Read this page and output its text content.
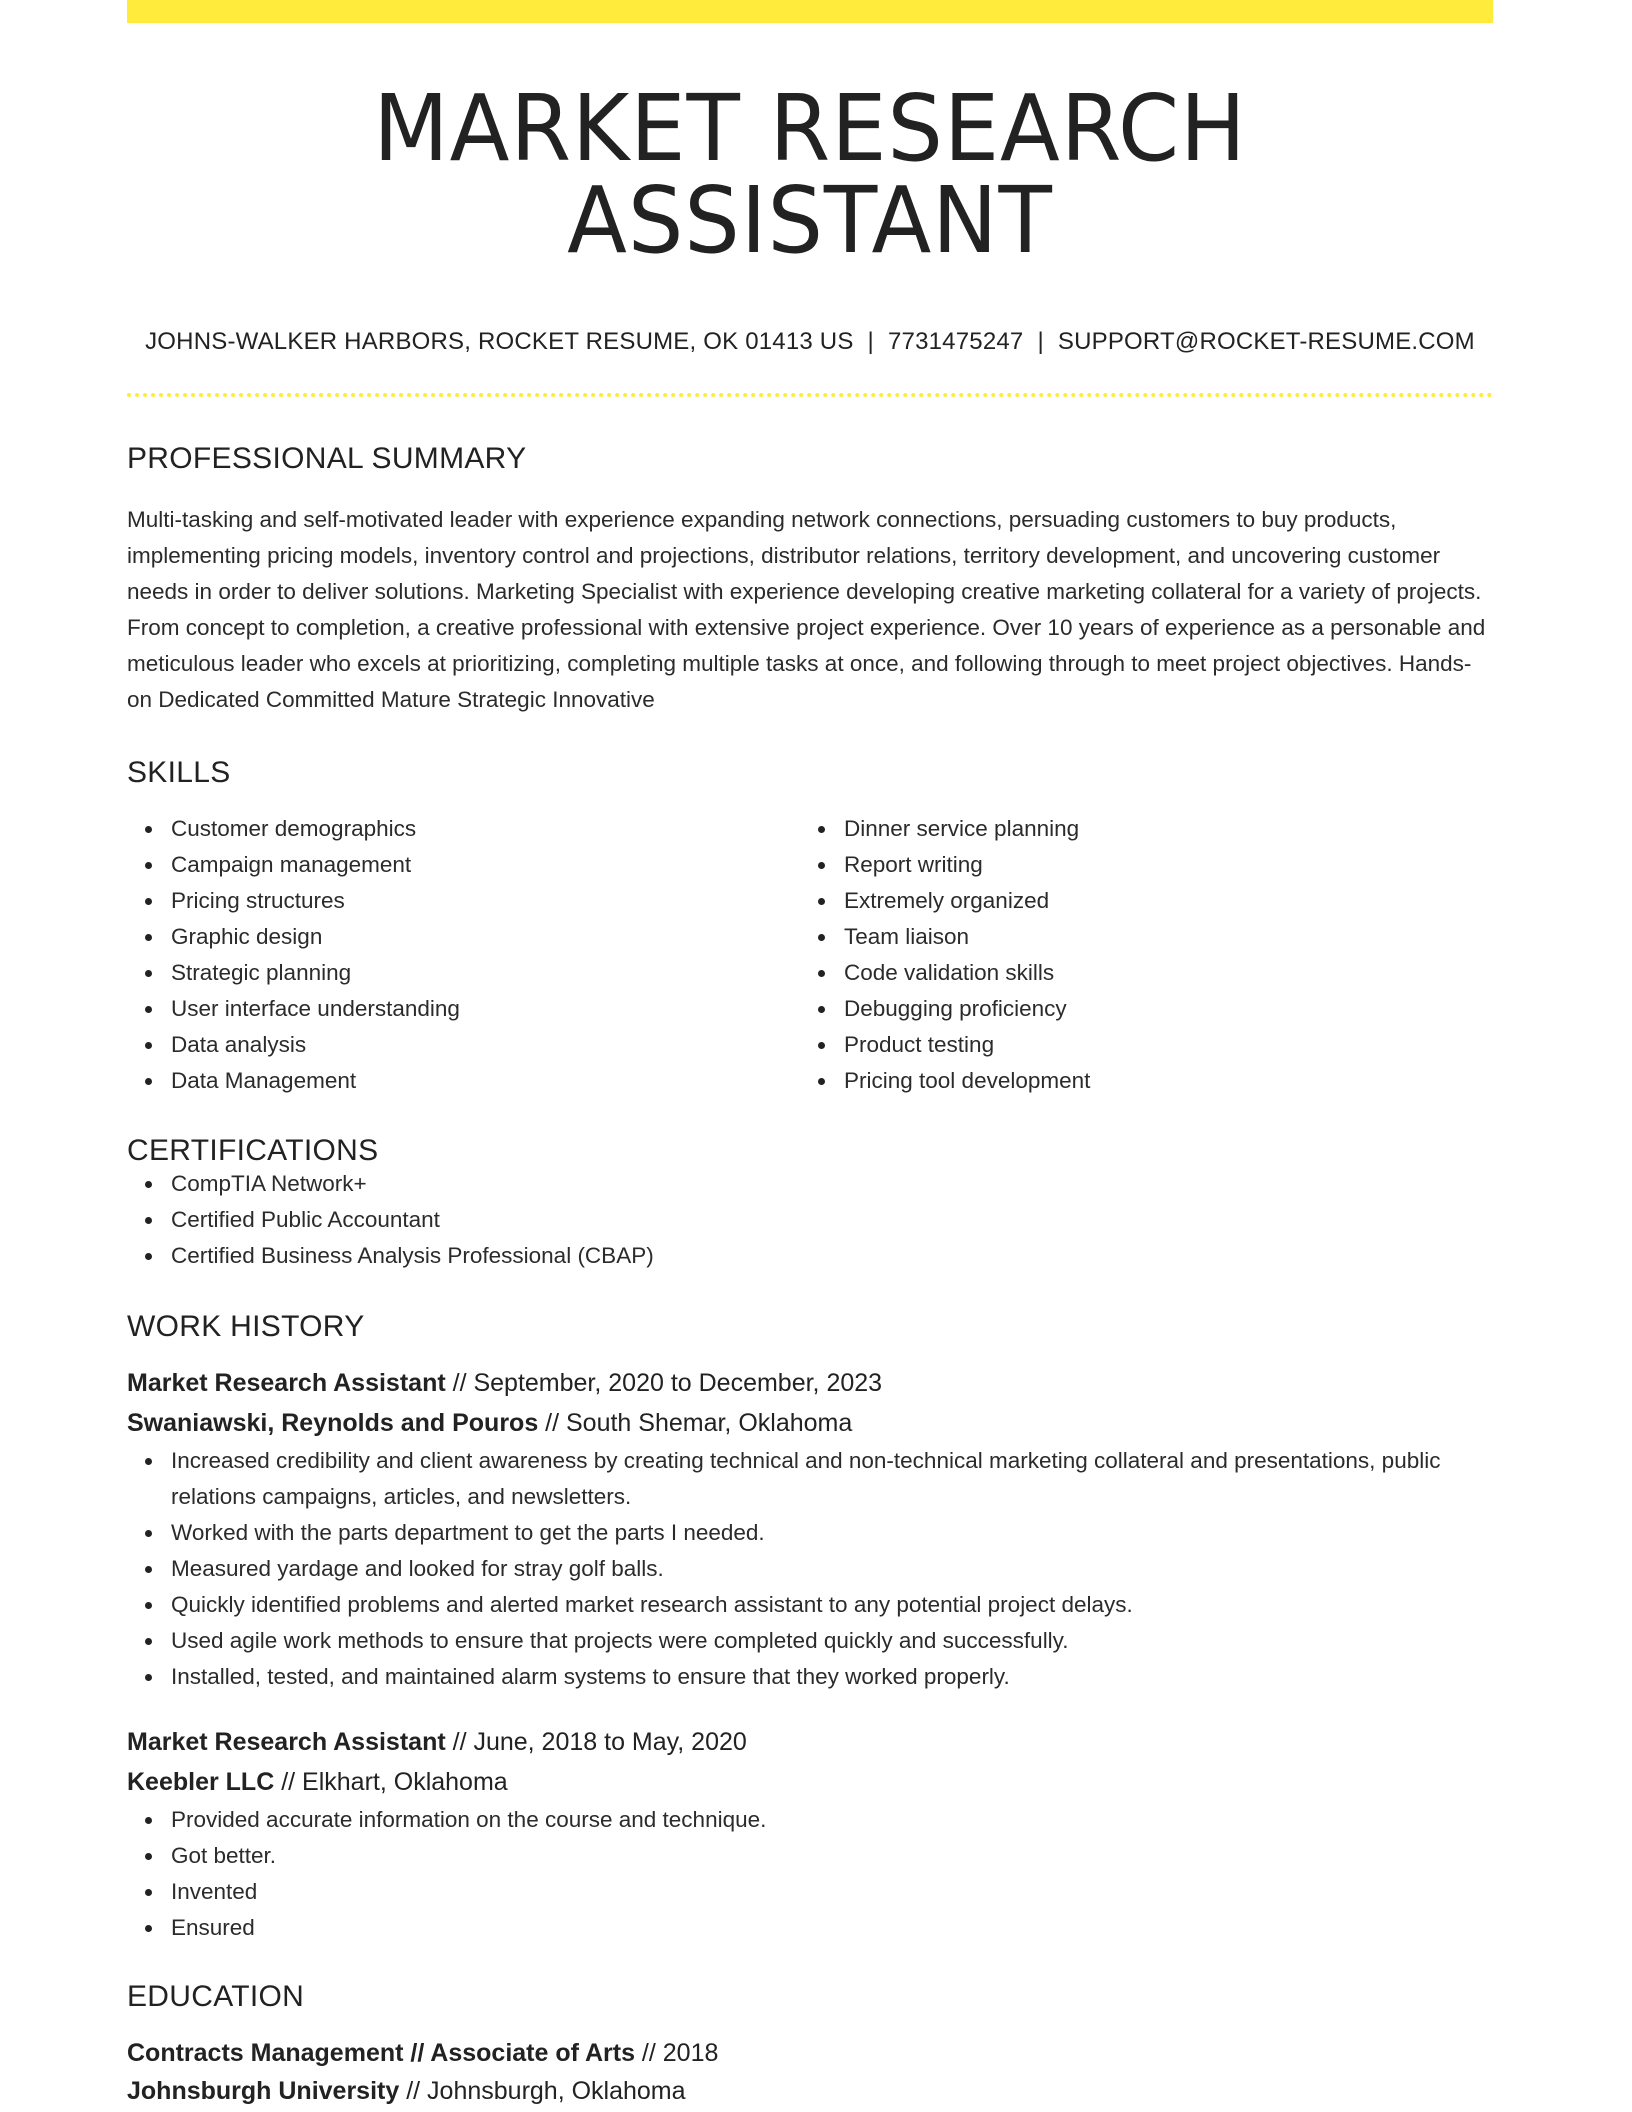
MARKET RESEARCH ASSISTANT
JOHNS-WALKER HARBORS, ROCKET RESUME, OK 01413 US | 7731475247 | SUPPORT@ROCKET-RESUME.COM
PROFESSIONAL SUMMARY
Multi-tasking and self-motivated leader with experience expanding network connections, persuading customers to buy products, implementing pricing models, inventory control and projections, distributor relations, territory development, and uncovering customer needs in order to deliver solutions. Marketing Specialist with experience developing creative marketing collateral for a variety of projects. From concept to completion, a creative professional with extensive project experience. Over 10 years of experience as a personable and meticulous leader who excels at prioritizing, completing multiple tasks at once, and following through to meet project objectives. Hands-on Dedicated Committed Mature Strategic Innovative
SKILLS
Customer demographics
Campaign management
Pricing structures
Graphic design
Strategic planning
User interface understanding
Data analysis
Data Management
Dinner service planning
Report writing
Extremely organized
Team liaison
Code validation skills
Debugging proficiency
Product testing
Pricing tool development
CERTIFICATIONS
CompTIA Network+
Certified Public Accountant
Certified Business Analysis Professional (CBAP)
WORK HISTORY
Market Research Assistant // September, 2020 to December, 2023
Swaniawski, Reynolds and Pouros // South Shemar, Oklahoma
Increased credibility and client awareness by creating technical and non-technical marketing collateral and presentations, public relations campaigns, articles, and newsletters.
Worked with the parts department to get the parts I needed.
Measured yardage and looked for stray golf balls.
Quickly identified problems and alerted market research assistant to any potential project delays.
Used agile work methods to ensure that projects were completed quickly and successfully.
Installed, tested, and maintained alarm systems to ensure that they worked properly.
Market Research Assistant // June, 2018 to May, 2020
Keebler LLC // Elkhart, Oklahoma
Provided accurate information on the course and technique.
Got better.
Invented
Ensured
EDUCATION
Contracts Management // Associate of Arts // 2018
Johnsburgh University // Johnsburgh, Oklahoma
